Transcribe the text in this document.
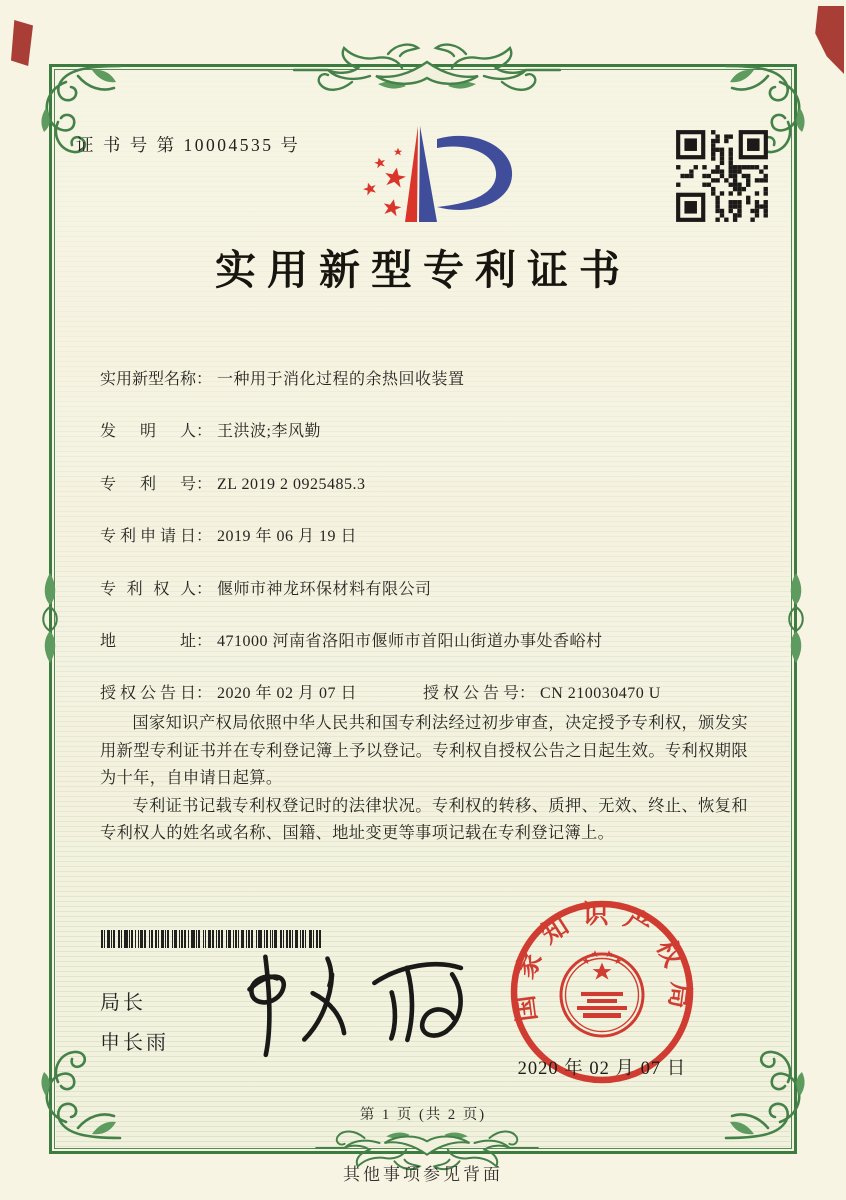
证 书 号 第 10004535 号
实用新型专利证书
实用新型名称 ： 一种用于消化过程的余热回收装置
发明人 ： 王洪波;李风勤
专利号 ： ZL 2019 2 0925485.3
专利申请日 ： 2019 年 06 月 19 日
专利权人 ： 偃师市神龙环保材料有限公司
地址 ： 471000 河南省洛阳市偃师市首阳山街道办事处香峪村
授权公告日 ： 2020 年 02 月 07 日	授权公告号 ： CN 210030470 U

国家知识产权局依照中华人民共和国专利法经过初步审查，决定授予专利权，颁发实用新型专利证书并在专利登记簿上予以登记。专利权自授权公告之日起生效。专利权期限为十年，自申请日起算。

专利证书记载专利权登记时的法律状况。专利权的转移、质押、无效、终止、恢复和专利权人的姓名或名称、国籍、地址变更等事项记载在专利登记簿上。

局长
申长雨
国家知识产权局
2020 年 02 月 07 日
第 1 页 (共 2 页)
其他事项参见背面
